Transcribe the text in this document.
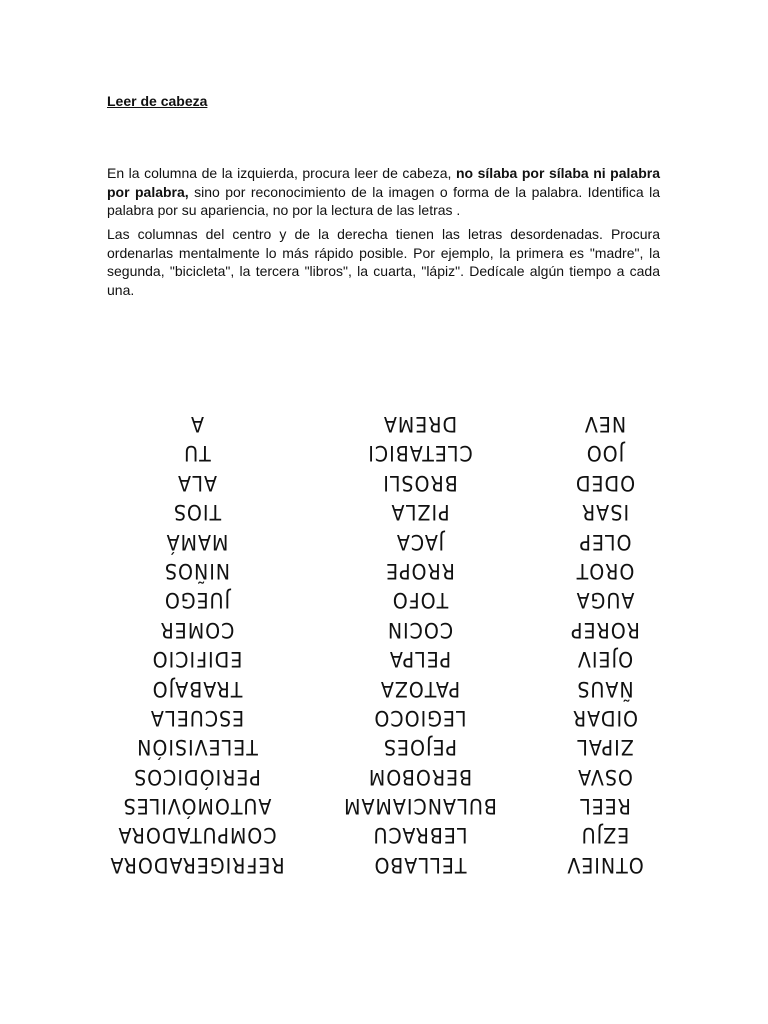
Leer de cabeza

En la columna de la izquierda, procura leer de cabeza, no sílaba por sílaba ni palabra por palabra, sino por reconocimiento de la imagen o forma de la palabra. Identifica la palabra por su apariencia, no por la lectura de las letras .

Las columnas del centro y de la derecha tienen las letras desordenadas. Procura ordenarlas mentalmente lo más rápido posible. Por ejemplo, la primera es "madre", la segunda, "bicicleta", la tercera "libros", la cuarta, "lápiz". Dedícale algún tiempo a cada una.

A
TU
ALA
TIOS
MAMÁ
NIÑOS
JUEGO
COMER
EDIFICIO
TRABAJO
ESCUELA
TELEVISIÓN
PERIÓDICOS
AUTOMÓVILES
COMPUTADORA
REFRIGERADORA
DREMA
CLETABICI
BROSLI
PIZLA
JACA
RROPE
TOFO
COCIN
PELPA
PATOZA
LEGIOCO
PEJOES
BEROBOM
BULANCIAMAM
LEBRACU
TELLABO
NEV
JOO
ODED
ISAR
OLEP
OROT
AUGA
ROREP
OJEIV
ÑAUS
OIDAR
ZIPAL
OSVA
REEL
EZJU
OTNIEV
